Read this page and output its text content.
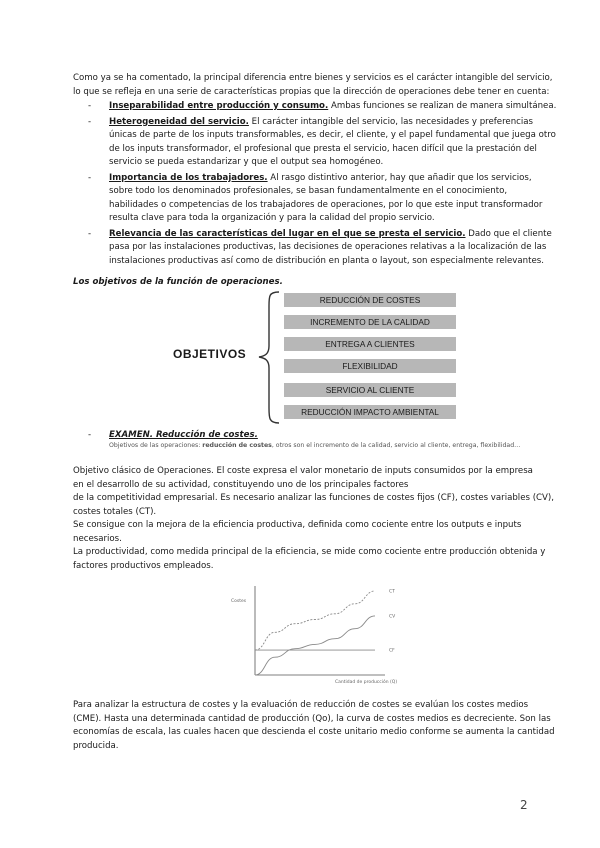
Como ya se ha comentado, la principal diferencia entre bienes y servicios es el carácter intangible del servicio, lo que se refleja en una serie de características propias que la dirección de operaciones debe tener en cuenta:

- Inseparabilidad entre producción y consumo. Ambas funciones se realizan de manera simultánea.
- Heterogeneidad del servicio. El carácter intangible del servicio, las necesidades y preferencias únicas de parte de los inputs transformables, es decir, el cliente, y el papel fundamental que juega otro de los inputs transformador, el profesional que presta el servicio, hacen difícil que la prestación del servicio se pueda estandarizar y que el output sea homogéneo.
- Importancia de los trabajadores. Al rasgo distintivo anterior, hay que añadir que los servicios, sobre todo los denominados profesionales, se basan fundamentalmente en el conocimiento, habilidades o competencias de los trabajadores de operaciones, por lo que este input transformador resulta clave para toda la organización y para la calidad del propio servicio.
- Relevancia de las características del lugar en el que se presta el servicio. Dado que el cliente pasa por las instalaciones productivas, las decisiones de operaciones relativas a la localización de las instalaciones productivas así como de distribución en planta o layout, son especialmente relevantes.
Los objetivos de la función de operaciones.
OBJETIVOS
REDUCCIÓN DE COSTES
INCREMENTO DE LA CALIDAD
ENTREGA A CLIENTES
FLEXIBILIDAD
SERVICIO AL CLIENTE
REDUCCIÓN IMPACTO AMBIENTAL
- EXAMEN. Reducción de costes.
Objetivos de las operaciones: reducción de costes, otros son el incremento de la calidad, servicio al cliente, entrega, flexibilidad…

Objetivo clásico de Operaciones. El coste expresa el valor monetario de inputs consumidos por la empresa

en el desarrollo de su actividad, constituyendo uno de los principales factores

de la competitividad empresarial. Es necesario analizar las funciones de costes fijos (CF), costes variables (CV), costes totales (CT).

Se consigue con la mejora de la eficiencia productiva, definida como cociente entre los outputs e inputs necesarios.

La productividad, como medida principal de la eficiencia, se mide como cociente entre producción obtenida y factores productivos empleados.

Costes
Cantidad de producción (Q)
CT
CV
CF

Para analizar la estructura de costes y la evaluación de reducción de costes se evalúan los costes medios (CME). Hasta una determinada cantidad de producción (Qo), la curva de costes medios es decreciente. Son las economías de escala, las cuales hacen que descienda el coste unitario medio conforme se aumenta la cantidad producida.

2
